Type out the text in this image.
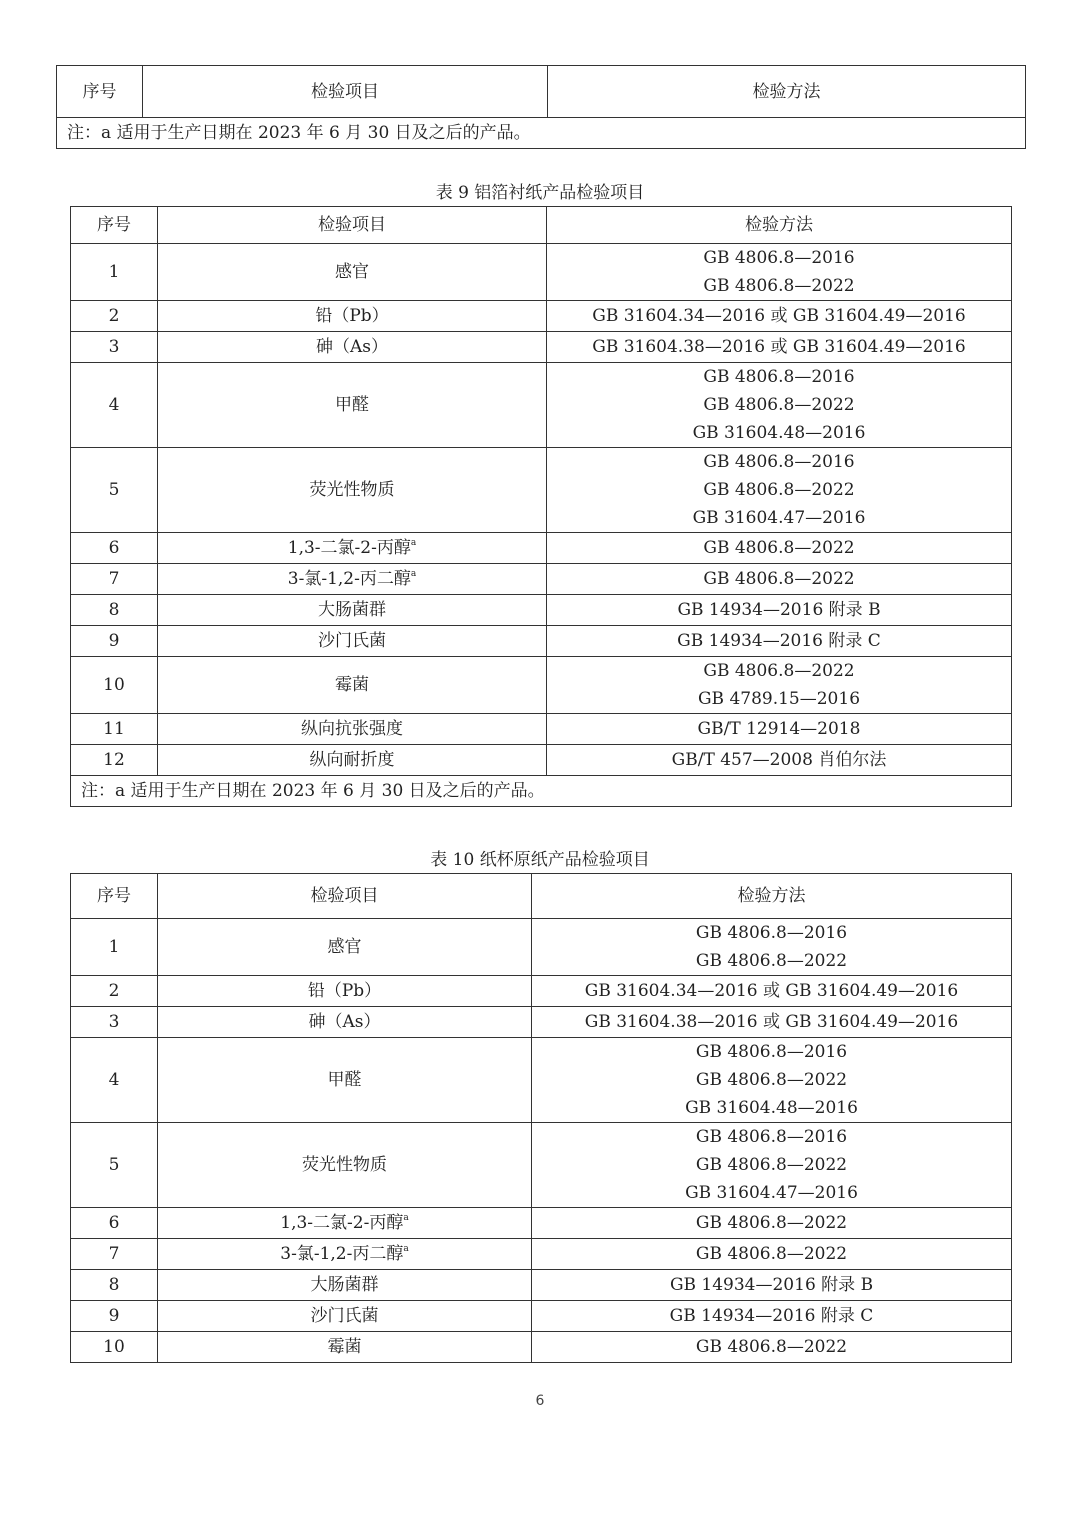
序号	检验项目	检验方法
注：a 适用于生产日期在 2023 年 6 月 30 日及之后的产品。
表 9 铝箔衬纸产品检验项目
序号	检验项目	检验方法
1	感官	GB 4806.8—2016
GB 4806.8—2022

2	铅（Pb）	GB 31604.34—2016 或 GB 31604.49—2016

3	砷（As）	GB 31604.38—2016 或 GB 31604.49—2016

4	甲醛	GB 4806.8—2016
GB 4806.8—2022
GB 31604.48—2016

5	荧光性物质	GB 4806.8—2016
GB 4806.8—2022
GB 31604.47—2016

6	1,3-二氯-2-丙醇$^a$	GB 4806.8—2022

7	3-氯-1,2-丙二醇$^a$	GB 4806.8—2022

8	大肠菌群	GB 14934—2016 附录 B

9	沙门氏菌	GB 14934—2016 附录 C

10	霉菌	GB 4806.8—2022
GB 4789.15—2016

11	纵向抗张强度	GB/T 12914—2018

12	纵向耐折度	GB/T 457—2008 肖伯尔法

注：a 适用于生产日期在 2023 年 6 月 30 日及之后的产品。		
表 10 纸杯原纸产品检验项目
序号	检验项目	检验方法
1	感官	GB 4806.8—2016
GB 4806.8—2022

2	铅（Pb）	GB 31604.34—2016 或 GB 31604.49—2016

3	砷（As）	GB 31604.38—2016 或 GB 31604.49—2016

4	甲醛	GB 4806.8—2016
GB 4806.8—2022
GB 31604.48—2016

5	荧光性物质	GB 4806.8—2016
GB 4806.8—2022
GB 31604.47—2016

6	1,3-二氯-2-丙醇$^a$	GB 4806.8—2022

7	3-氯-1,2-丙二醇$^a$	GB 4806.8—2022

8	大肠菌群	GB 14934—2016 附录 B

9	沙门氏菌	GB 14934—2016 附录 C

10	霉菌	GB 4806.8—2022
6
